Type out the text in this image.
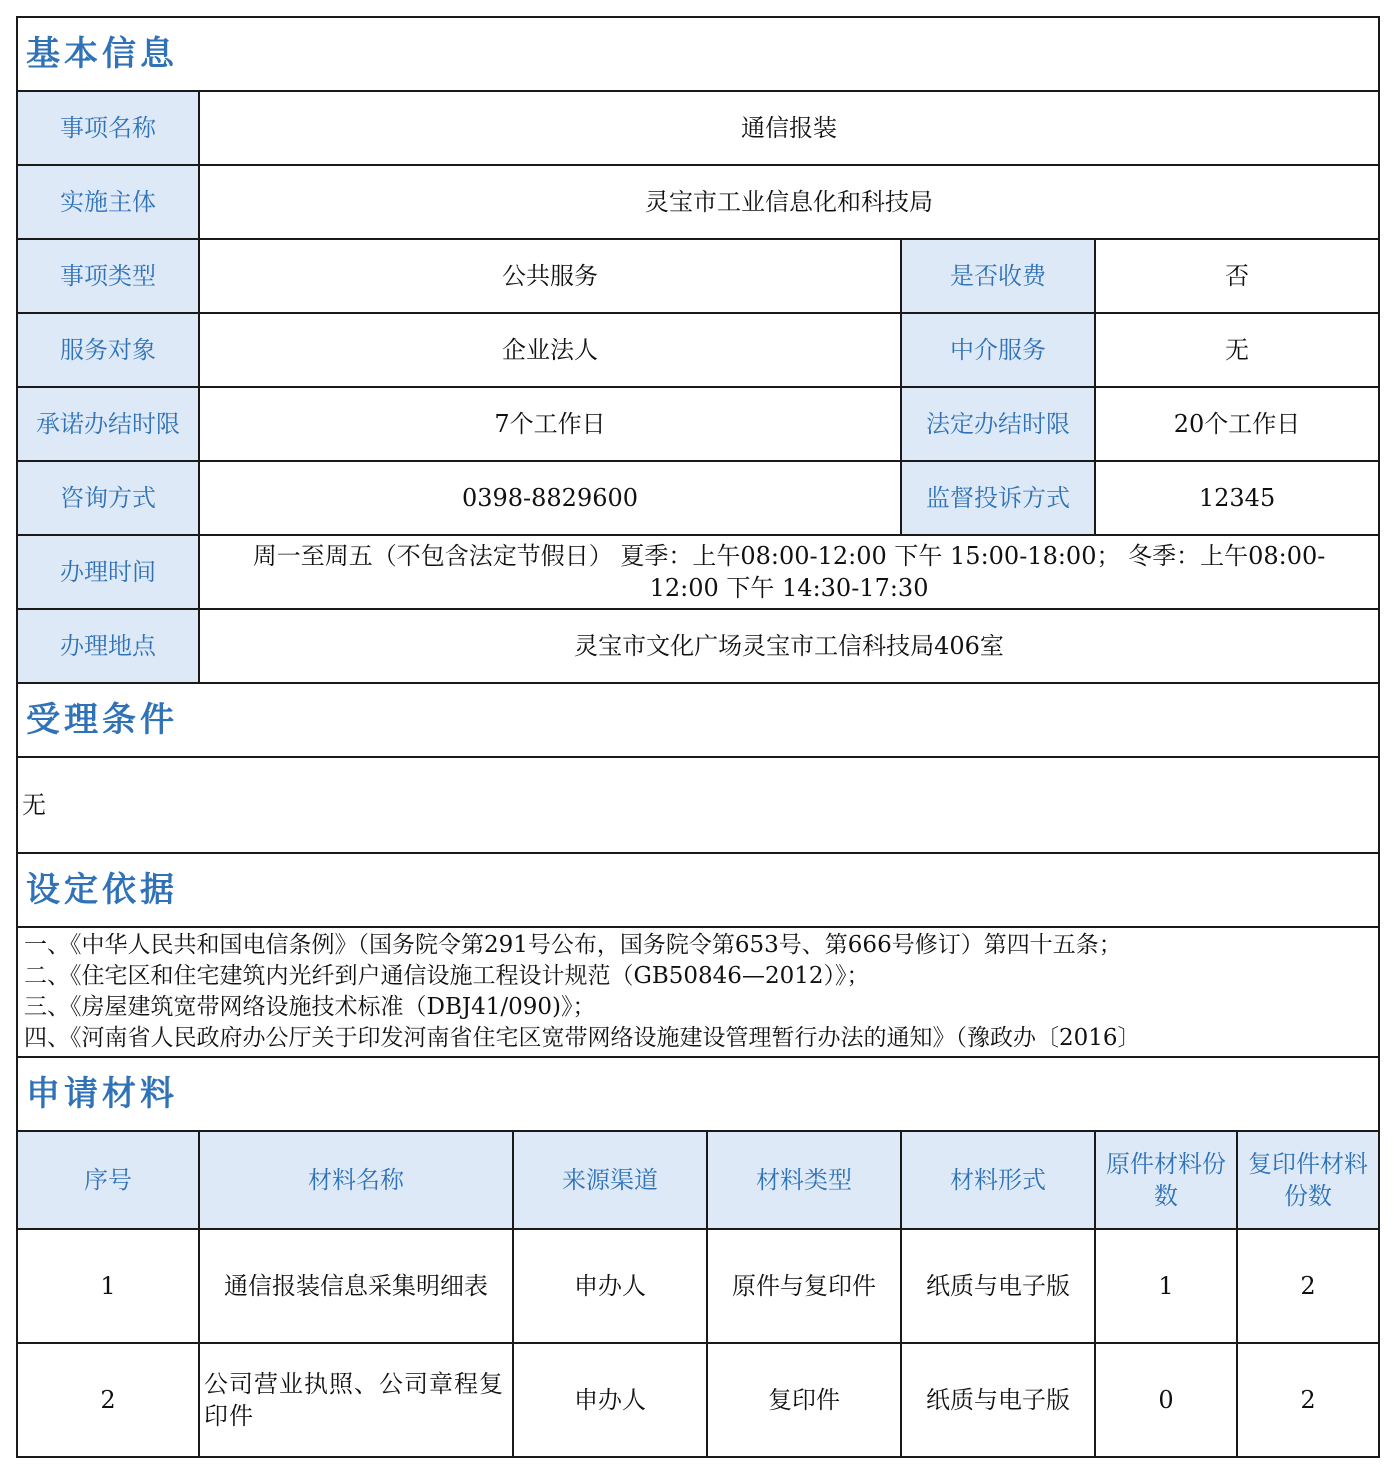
基本信息						
事项名称	通信报装					
实施主体	灵宝市工业信息化和科技局					
事项类型	公共服务			是否收费	否	
服务对象	企业法人			中介服务	无	
承诺办结时限	7个工作日			法定办结时限	20个工作日	
咨询方式	0398-8829600			监督投诉方式	12345	
办理时间	周一至周五（不包含法定节假日） 夏季：上午08:00-12:00 下午 15:00-18:00； 冬季：上午08:00-12:00 下午 14:30-17:30					
办理地点	灵宝市文化广场灵宝市工信科技局406室					
受理条件						
无						
设定依据						

一、《中华人民共和国电信条例》（国务院令第291号公布，国务院令第653号、第666号修订）第四十五条；
二、《住宅区和住宅建筑内光纤到户通信设施工程设计规范（GB50846—2012）》；
三、《房屋建筑宽带网络设施技术标准（DBJ41/090)》；
四、《河南省人民政府办公厅关于印发河南省住宅区宽带网络设施建设管理暂行办法的通知》（豫政办〔2016〕						

申请材料						
序号	材料名称	来源渠道	材料类型	材料形式	原件材料份数	复印件材料份数
1	通信报装信息采集明细表	申办人	原件与复印件	纸质与电子版	1	2
2	公司营业执照、公司章程复印件	申办人	复印件	纸质与电子版	0	2
